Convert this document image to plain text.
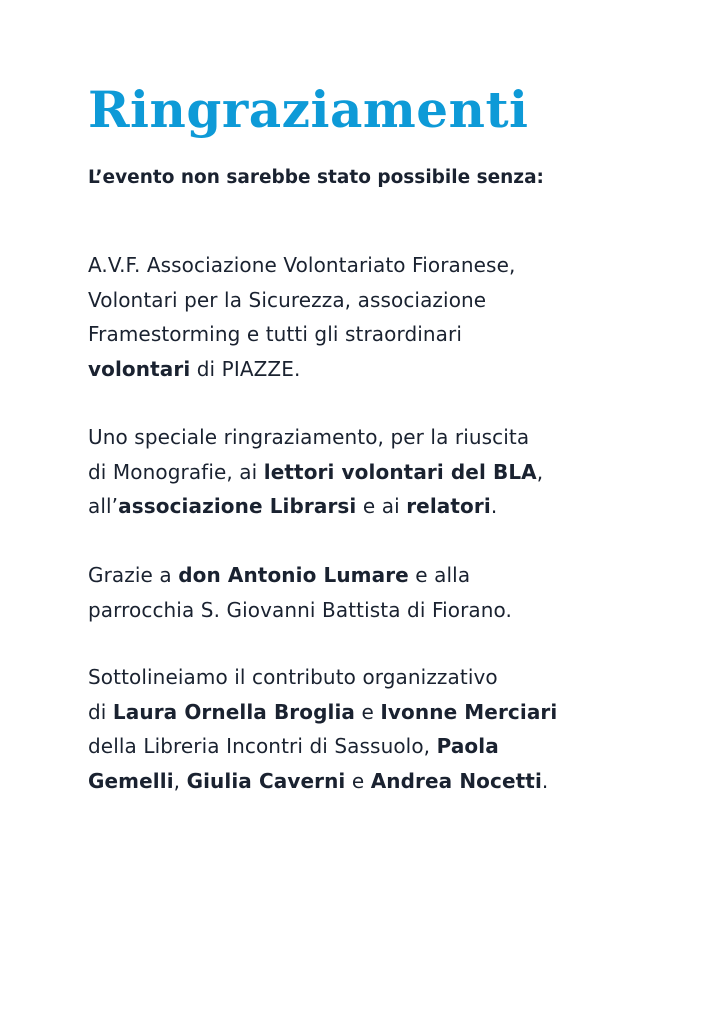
Ringraziamenti

L’evento non sarebbe stato possibile senza:

A.V.F. Associazione Volontariato Fioranese,
Volontari per la Sicurezza, associazione
Framestorming e tutti gli straordinari
volontari di PIAZZE.

Uno speciale ringraziamento, per la riuscita
di Monografie, ai lettori volontari del BLA,
all’associazione Librarsi e ai relatori.

Grazie a don Antonio Lumare e alla
parrocchia S. Giovanni Battista di Fiorano.

Sottolineiamo il contributo organizzativo
di Laura Ornella Broglia e Ivonne Merciari
della Libreria Incontri di Sassuolo, Paola
Gemelli, Giulia Caverni e Andrea Nocetti.
